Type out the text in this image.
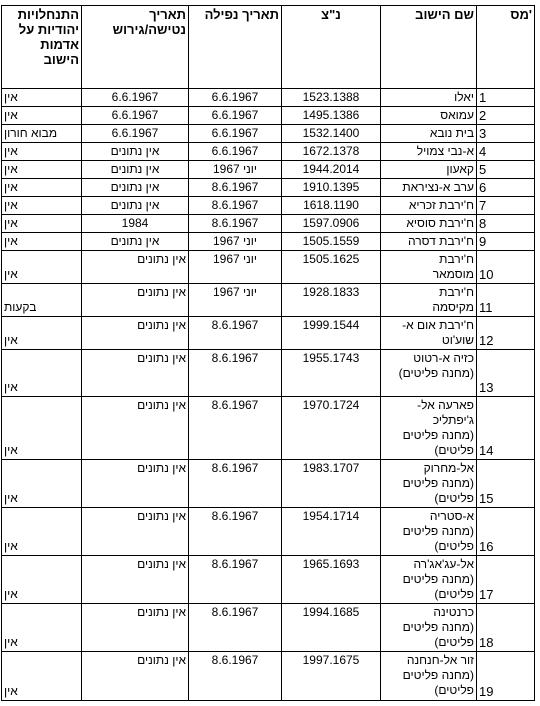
התנחלויות יהודיות על אדמות הישוב	תאריך נטישה/גירוש	תאריך נפילה	נ"צ	שם הישוב	מס'
אין	6.6.1967	6.6.1967	1523.1388	יאלו	1
אין	6.6.1967	6.6.1967	1495.1386	עמואס	2
מבוא חורון	6.6.1967	6.6.1967	1532.1400	בית נובא	3
אין	אין נתונים	6.6.1967	1672.1378	א-נבי צמויל	4
אין	אין נתונים	יוני 1967	1944.2014	קאעון	5
אין	אין נתונים	8.6.1967	1910.1395	ערב א-נציראת	6
אין	אין נתונים	8.6.1967	1618.1190	ח'ירבת זכריא	7
אין	1984	8.6.1967	1597.0906	ח'ירבת סוסיא	8
אין	אין נתונים	יוני 1967	1505.1559	ח'ירבת דסרה	9
אין	אין נתונים	יוני 1967	1505.1625	ח'ירבת
מוסמאר	10
בקעות	אין נתונים	יוני 1967	1928.1833	ח'ירבת
מקיסמה	11
אין	אין נתונים	8.6.1967	1999.1544	ח'ירבת אום א-
שוע'וט	12
אין	אין נתונים	8.6.1967	1955.1743	כזיה א-רטוט
(מחנה פליטים)	13
אין	אין נתונים	8.6.1967	1970.1724	פארעה אל-
ג'יפתליכ
(מחנה פליטים
פליטים)	14
אין	אין נתונים	8.6.1967	1983.1707	אל-מחרוק
(מחנה פליטים
פליטים)	15
אין	אין נתונים	8.6.1967	1954.1714	א-סטריה
(מחנה פליטים
פליטים)	16
אין	אין נתונים	8.6.1967	1965.1693	אל-עג'אג'רה
(מחנה פליטים
פליטים)	17
אין	אין נתונים	8.6.1967	1994.1685	כרנטינה
(מחנה פליטים
פליטים)	18
אין	אין נתונים	8.6.1967	1997.1675	זור אל-חנחנה
(מחנה פליטים
פליטים)	19
